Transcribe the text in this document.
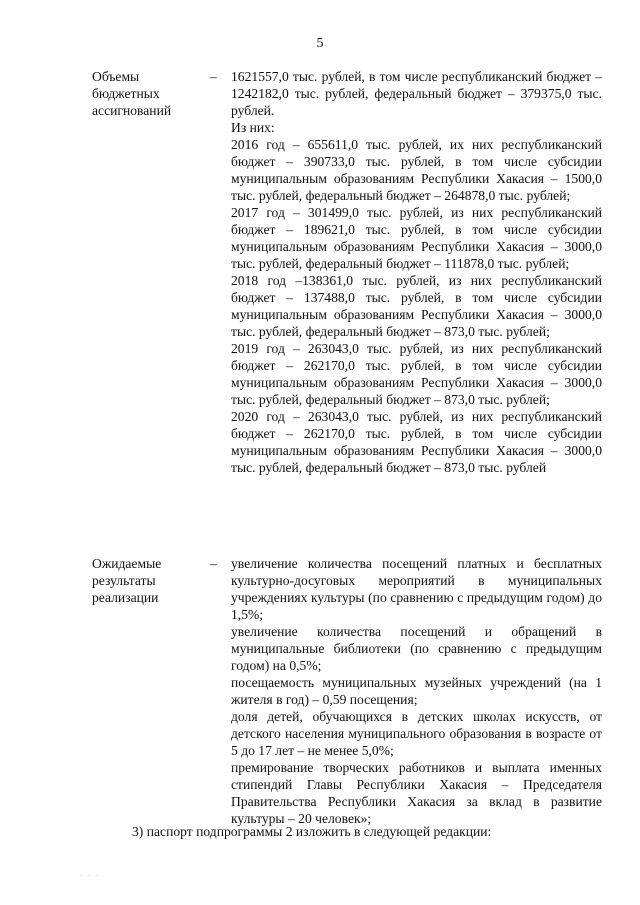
5
Объемы
бюджетных
ассигнований
– 1621557,0 тыс. рублей, в том числе республиканский бюджет – 1242182,0 тыс. рублей, федеральный бюджет – 379375,0 тыс. рублей.

Из них:

2016 год – 655611,0 тыс. рублей, их них республиканский бюджет – 390733,0 тыс. рублей, в том числе субсидии муниципальным образованиям Республики Хакасия – 1500,0 тыс. рублей, федеральный бюджет – 264878,0 тыс. рублей;

2017 год – 301499,0 тыс. рублей, из них республиканский бюджет – 189621,0 тыс. рублей, в том числе субсидии муниципальным образованиям Республики Хакасия – 3000,0 тыс. рублей, федеральный бюджет – 111878,0 тыс. рублей;

2018 год –138361,0 тыс. рублей, из них республиканский бюджет – 137488,0 тыс. рублей, в том числе субсидии муниципальным образованиям Республики Хакасия – 3000,0 тыс. рублей, федеральный бюджет – 873,0 тыс. рублей;

2019 год – 263043,0 тыс. рублей, из них республиканский бюджет – 262170,0 тыс. рублей, в том числе субсидии муниципальным образованиям Республики Хакасия – 3000,0 тыс. рублей, федеральный бюджет – 873,0 тыс. рублей;

2020 год – 263043,0 тыс. рублей, из них республиканский бюджет – 262170,0 тыс. рублей, в том числе субсидии муниципальным образованиям Республики Хакасия – 3000,0 тыс. рублей, федеральный бюджет – 873,0 тыс. рублей

Ожидаемые
результаты
реализации
– увеличение количества посещений платных и бесплатных культурно-досуговых мероприятий в муниципальных учреждениях культуры (по сравнению с предыдущим годом) до 1,5%;

увеличение количества посещений и обращений в муниципальные библиотеки (по сравнению с предыдущим годом) на 0,5%;

посещаемость муниципальных музейных учреждений (на 1 жителя в год) – 0,59 посещения;

доля детей, обучающихся в детских школах искусств, от детского населения муниципального образования в возрасте от 5 до 17 лет – не менее 5,0%;

премирование творческих работников и выплата именных стипендий Главы Республики Хакасия – Председателя Правительства Республики Хакасия за вклад в развитие культуры – 20 человек»;

3) паспорт подпрограммы 2 изложить в следующей редакции:
· · ·
